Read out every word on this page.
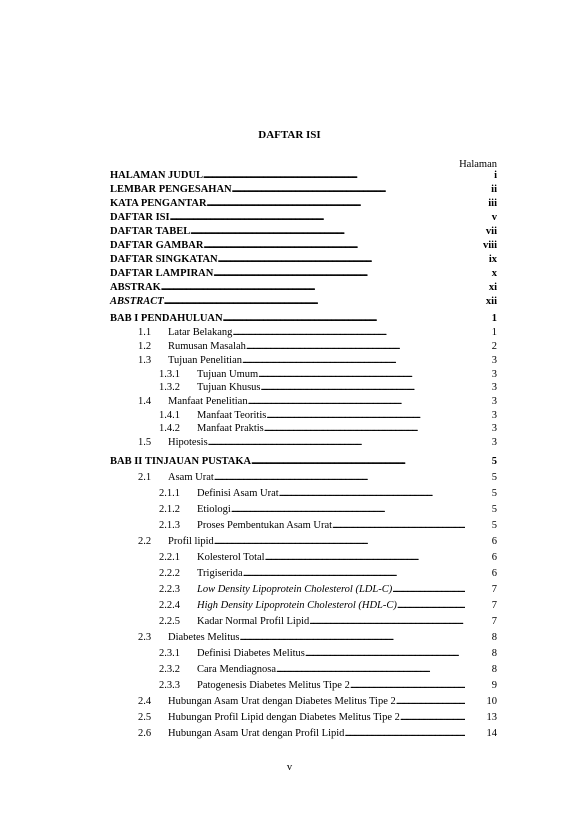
DAFTAR ISI
Halaman
HALAMAN JUDUL . . .	i
LEMBAR PENGESAHAN . . .	ii
KATA PENGANTAR . . .	iii
DAFTAR ISI . . .	v
DAFTAR TABEL . . .	vii
DAFTAR GAMBAR . . .	viii
DAFTAR SINGKATAN . . .	ix
DAFTAR LAMPIRAN . . .	x
ABSTRAK . . .	xi
ABSTRACT . . .	xii
BAB I PENDAHULUAN . . .	1
1.1	Latar Belakang . . .	1
1.2	Rumusan Masalah . . .	2
1.3	Tujuan Penelitian . . .	3
1.3.1	Tujuan Umum . . .	3
1.3.2	Tujuan Khusus . . .	3
1.4	Manfaat Penelitian . . .	3
1.4.1	Manfaat Teoritis . . .	3
1.4.2	Manfaat Praktis . . .	3
1.5	Hipotesis . . .	3
BAB II TINJAUAN PUSTAKA . . .	5
2.1	Asam Urat . . .	5
2.1.1	Definisi Asam Urat . . .	5
2.1.2	Etiologi . . .	5
2.1.3	Proses Pembentukan Asam Urat . . .	5
2.2	Profil lipid . . .	6
2.2.1	Kolesterol Total . . .	6
2.2.2	Trigiserida . . .	6
2.2.3	Low Density Lipoprotein Cholesterol (LDL-C) . . .	7
2.2.4	High Density Lipoprotein Cholesterol (HDL-C) . . .	7
2.2.5	Kadar Normal Profil Lipid . . .	7
2.3	Diabetes Melitus . . .	8
2.3.1	Definisi Diabetes Melitus . . .	8
2.3.2	Cara Mendiagnosa . . .	8
2.3.3	Patogenesis Diabetes Melitus Tipe 2 . . .	9
2.4	Hubungan Asam Urat dengan Diabetes Melitus Tipe 2 . . .	10
2.5	Hubungan Profil Lipid dengan Diabetes Melitus Tipe 2 . . .	13
2.6	Hubungan Asam Urat dengan Profil Lipid . . .	14
v
